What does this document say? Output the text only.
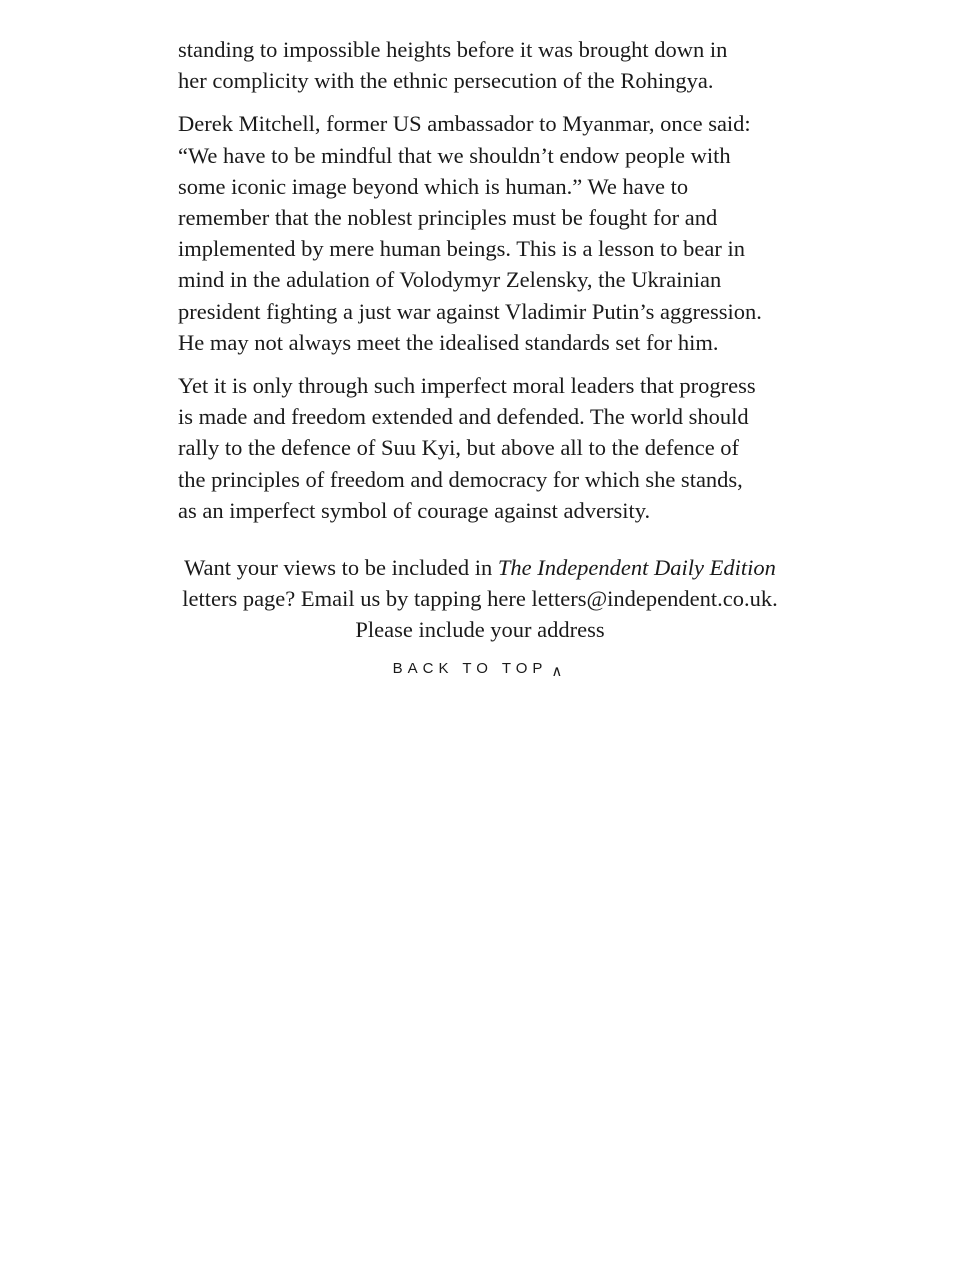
standing to impossible heights before it was brought down in
her complicity with the ethnic persecution of the Rohingya.

Derek Mitchell, former US ambassador to Myanmar, once said:
“We have to be mindful that we shouldn’t endow people with
some iconic image beyond which is human.” We have to
remember that the noblest principles must be fought for and
implemented by mere human beings. This is a lesson to bear in
mind in the adulation of Volodymyr Zelensky, the Ukrainian
president fighting a just war against Vladimir Putin’s aggression.
He may not always meet the idealised standards set for him.

Yet it is only through such imperfect moral leaders that progress
is made and freedom extended and defended. The world should
rally to the defence of Suu Kyi, but above all to the defence of
the principles of freedom and democracy for which she stands,
as an imperfect symbol of courage against adversity.

Want your views to be included in The Independent Daily Edition
letters page? Email us by tapping here letters@independent.co.uk.
Please include your address
BACK TO TOP ∧
